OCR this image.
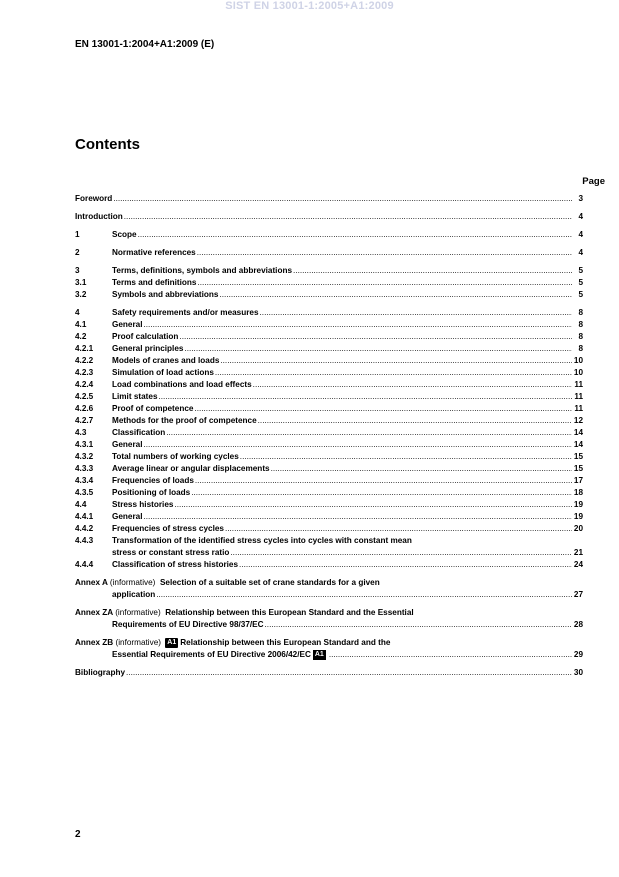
SIST EN 13001-1:2005+A1:2009
EN 13001-1:2004+A1:2009 (E)
Contents
Page
Foreword .....	3
Introduction .....	4
1	Scope .....	4
2	Normative references .....	4
3	Terms, definitions, symbols and abbreviations .....	5
3.1	Terms and definitions .....	5
3.2	Symbols and abbreviations .....	5
4	Safety requirements and/or measures .....	8
4.1	General .....	8
4.2	Proof calculation .....	8
4.2.1	General principles .....	8
4.2.2	Models of cranes and loads .....	10
4.2.3	Simulation of load actions .....	10
4.2.4	Load combinations and load effects .....	11
4.2.5	Limit states .....	11
4.2.6	Proof of competence .....	11
4.2.7	Methods for the proof of competence .....	12
4.3	Classification .....	14
4.3.1	General .....	14
4.3.2	Total numbers of working cycles .....	15
4.3.3	Average linear or angular displacements .....	15
4.3.4	Frequencies of loads .....	17
4.3.5	Positioning of loads .....	18
4.4	Stress histories .....	19
4.4.1	General .....	19
4.4.2	Frequencies of stress cycles .....	20
4.4.3	Transformation of the identified stress cycles into cycles with constant mean
stress or constant stress ratio .....	21
4.4.4	Classification of stress histories .....	24
Annex A (informative) Selection of a suitable set of crane standards for a given
application .....	27
Annex ZA (informative) Relationship between this European Standard and the Essential
Requirements of EU Directive 98/37/EC .....	28
Annex ZB (informative) A1 Relationship between this European Standard and the
Essential Requirements of EU Directive 2006/42/EC A1 .....	29
Bibliography .....	30
2
